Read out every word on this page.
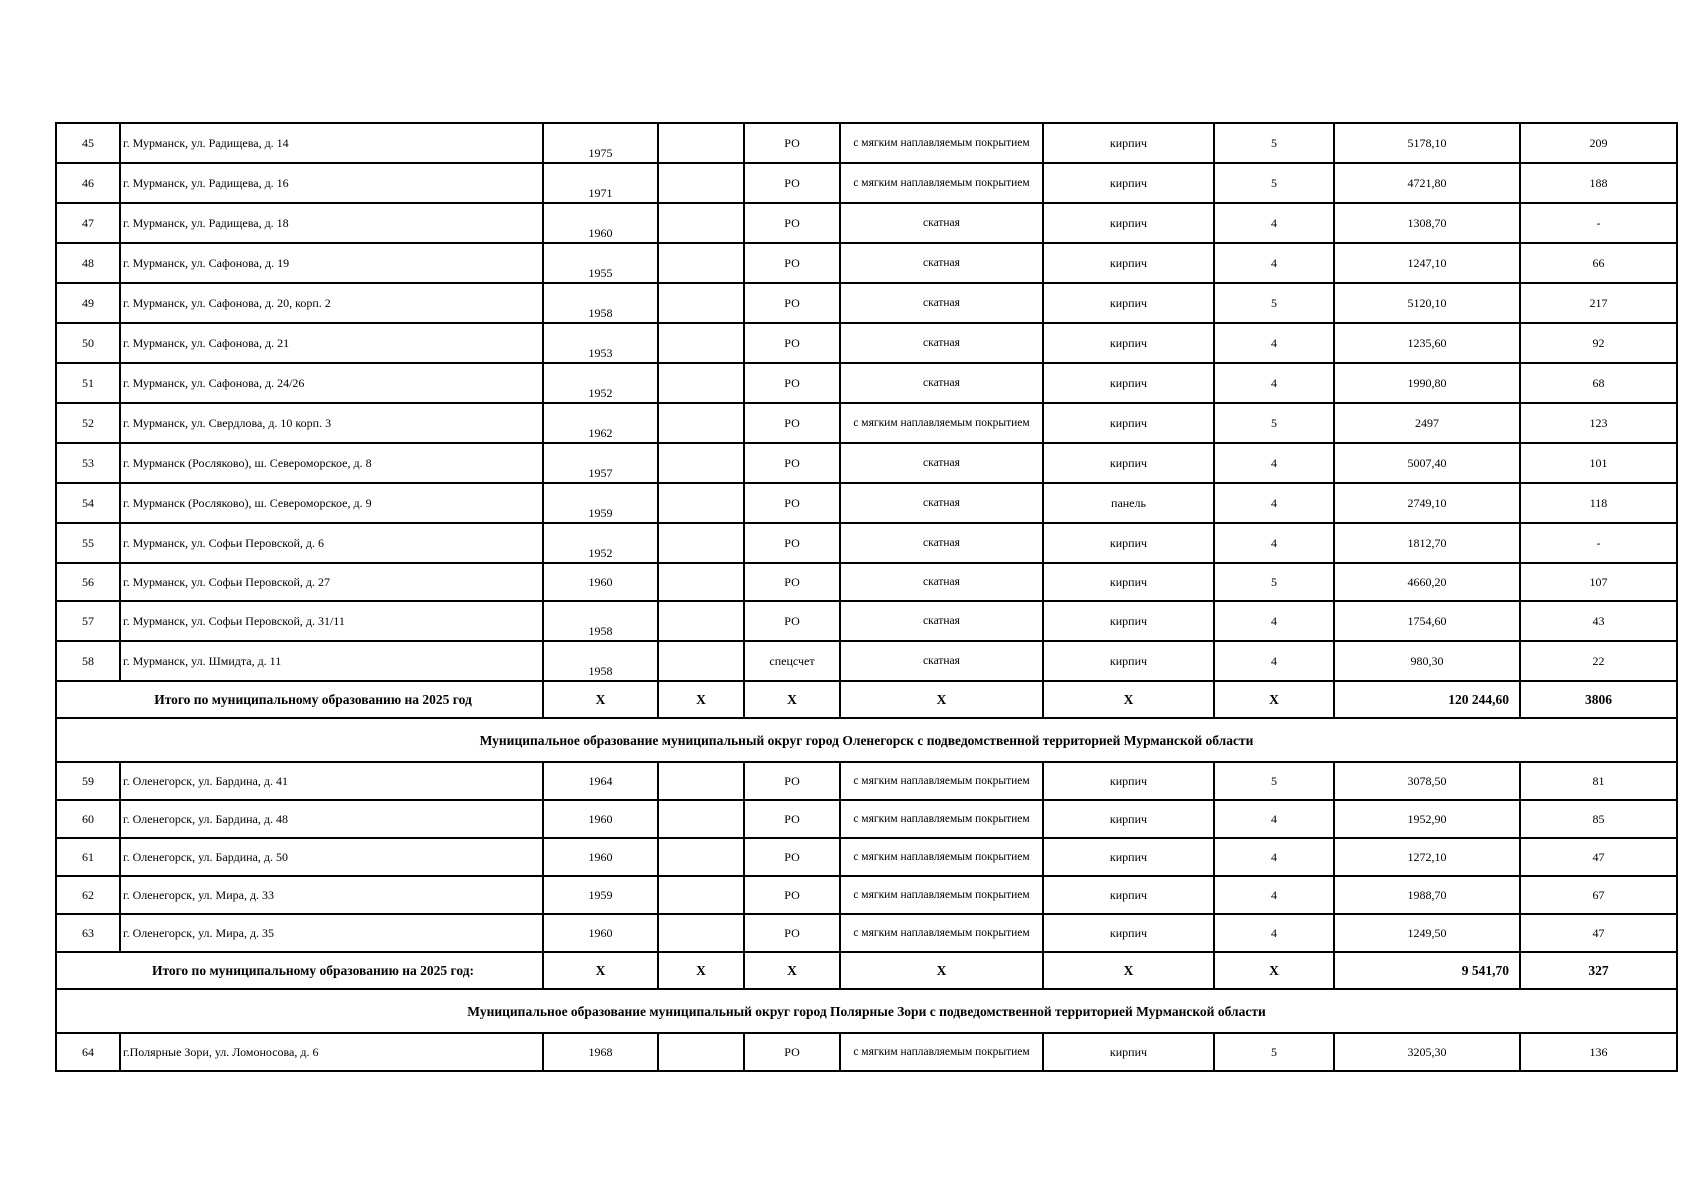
45	г. Мурманск, ул. Радищева, д. 14	1975		РО	с мягким наплавляемым покрытием	кирпич	5	5178,10	209
46	г. Мурманск, ул. Радищева, д. 16	1971		РО	с мягким наплавляемым покрытием	кирпич	5	4721,80	188
47	г. Мурманск, ул. Радищева, д. 18	1960		РО	скатная	кирпич	4	1308,70	-
48	г. Мурманск, ул. Сафонова, д. 19	1955		РО	скатная	кирпич	4	1247,10	66
49	г. Мурманск, ул. Сафонова, д. 20, корп. 2	1958		РО	скатная	кирпич	5	5120,10	217
50	г. Мурманск, ул. Сафонова, д. 21	1953		РО	скатная	кирпич	4	1235,60	92
51	г. Мурманск, ул. Сафонова, д. 24/26	1952		РО	скатная	кирпич	4	1990,80	68
52	г. Мурманск, ул. Свердлова, д. 10 корп. 3	1962		РО	с мягким наплавляемым покрытием	кирпич	5	2497	123
53	г. Мурманск (Росляково), ш. Североморское, д. 8	1957		РО	скатная	кирпич	4	5007,40	101
54	г. Мурманск (Росляково), ш. Североморское, д. 9	1959		РО	скатная	панель	4	2749,10	118
55	г. Мурманск, ул. Софьи Перовской, д. 6	1952		РО	скатная	кирпич	4	1812,70	-
56	г. Мурманск, ул. Софьи Перовской, д. 27	1960		РО	скатная	кирпич	5	4660,20	107
57	г. Мурманск, ул. Софьи Перовской, д. 31/11	1958		РО	скатная	кирпич	4	1754,60	43
58	г. Мурманск, ул. Шмидта, д. 11	1958		спецсчет	скатная	кирпич	4	980,30	22
Итого по муниципальному образованию на 2025 год		X	X	X	X	X	X	120 244,60	3806
Муниципальное образование муниципальный округ город Оленегорск с подведомственной территорией Мурманской области									
59	г. Оленегорск, ул. Бардина, д. 41	1964		РО	с мягким наплавляемым покрытием	кирпич	5	3078,50	81
60	г. Оленегорск, ул. Бардина, д. 48	1960		РО	с мягким наплавляемым покрытием	кирпич	4	1952,90	85
61	г. Оленегорск, ул. Бардина, д. 50	1960		РО	с мягким наплавляемым покрытием	кирпич	4	1272,10	47
62	г. Оленегорск, ул. Мира, д. 33	1959		РО	с мягким наплавляемым покрытием	кирпич	4	1988,70	67
63	г. Оленегорск, ул. Мира, д. 35	1960		РО	с мягким наплавляемым покрытием	кирпич	4	1249,50	47
Итого по муниципальному образованию на 2025 год:		X	X	X	X	X	X	9 541,70	327
Муниципальное образование муниципальный округ город Полярные Зори с подведомственной территорией Мурманской области									
64	г.Полярные Зори, ул. Ломоносова, д. 6	1968		РО	с мягким наплавляемым покрытием	кирпич	5	3205,30	136
